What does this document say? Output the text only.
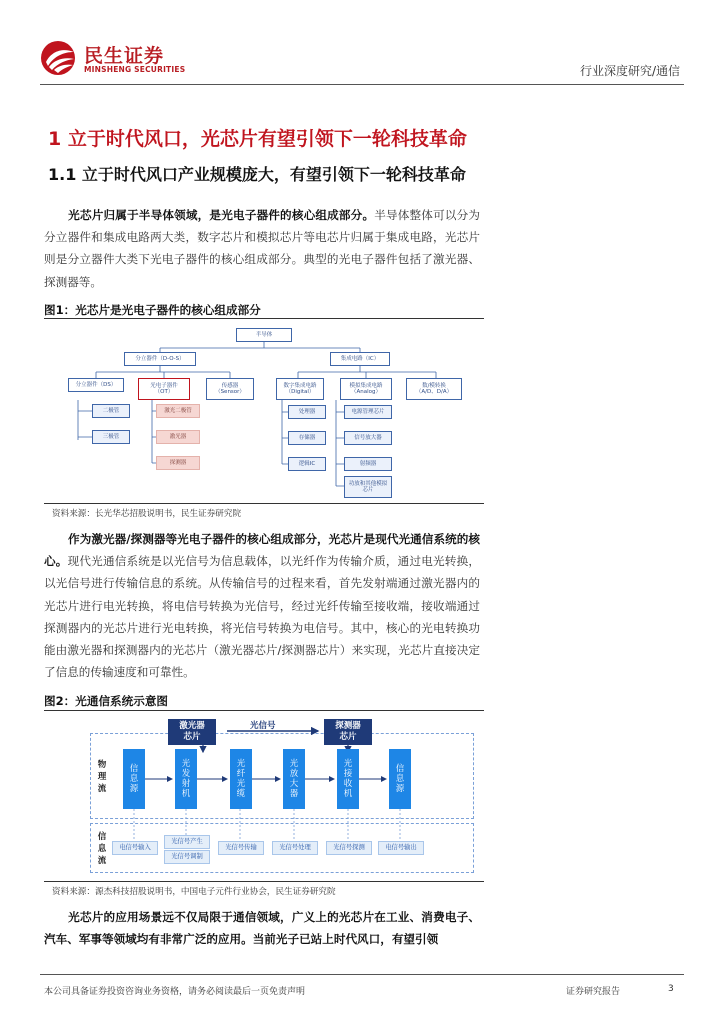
民生证券
MINSHENG SECURITIES	行业深度研究/通信
1 立于时代风口，光芯片有望引领下一轮科技革命
1.1 立于时代风口产业规模庞大，有望引领下一轮科技革命
光芯片归属于半导体领域，是光电子器件的核心组成部分。半导体整体可以分为分立器件和集成电路两大类，数字芯片和模拟芯片等电芯片归属于集成电路，光芯片则是分立器件大类下光电子器件的核心组成部分。典型的光电子器件包括了激光器、探测器等。
图1：光芯片是光电子器件的核心组成部分
半导体
分立器件（D-O-S）	集成电路（IC）
分立器件（DS）	光电子器件
（OT）
传感器
（Sensor）
数字集成电路
（Digital）
模拟集成电路
（Analog）
数/模转换
（A/D、D/A）
二极管
三极管
激光二极管
激光器
探测器
处理器
存储器
逻辑IC
电源管理芯片
信号放大器
射频器
功放和其他模拟
芯片
资料来源：长光华芯招股说明书，民生证券研究院
作为激光器/探测器等光电子器件的核心组成部分，光芯片是现代光通信系统的核心。现代光通信系统是以光信号为信息载体，以光纤作为传输介质，通过电光转换，以光信号进行传输信息的系统。从传输信号的过程来看，首先发射端通过激光器内的光芯片进行电光转换，将电信号转换为光信号，经过光纤传输至接收端，接收端通过探测器内的光芯片进行光电转换，将光信号转换为电信号。其中，核心的光电转换功能由激光器和探测器内的光芯片（激光器芯片/探测器芯片）来实现，光芯片直接决定了信息的传输速度和可靠性。
图2：光通信系统示意图
激光器
芯片
光信号	探测器
芯片
物
理
流
信
息
流
信
息
源
光
发
射
机
光
纤
光
缆
光
放
大
器
光
接
收
机
信
息
源
电信号输入
光信号产生
光信号调制
光信号传输	光信号处理	光信号探测	电信号输出
资料来源：源杰科技招股说明书，中国电子元件行业协会，民生证券研究院
光芯片的应用场景远不仅局限于通信领域，广义上的光芯片在工业、消费电子、汽车、军事等领域均有非常广泛的应用。当前光子已站上时代风口，有望引领
本公司具备证券投资咨询业务资格，请务必阅读最后一页免责声明	证券研究报告	3
